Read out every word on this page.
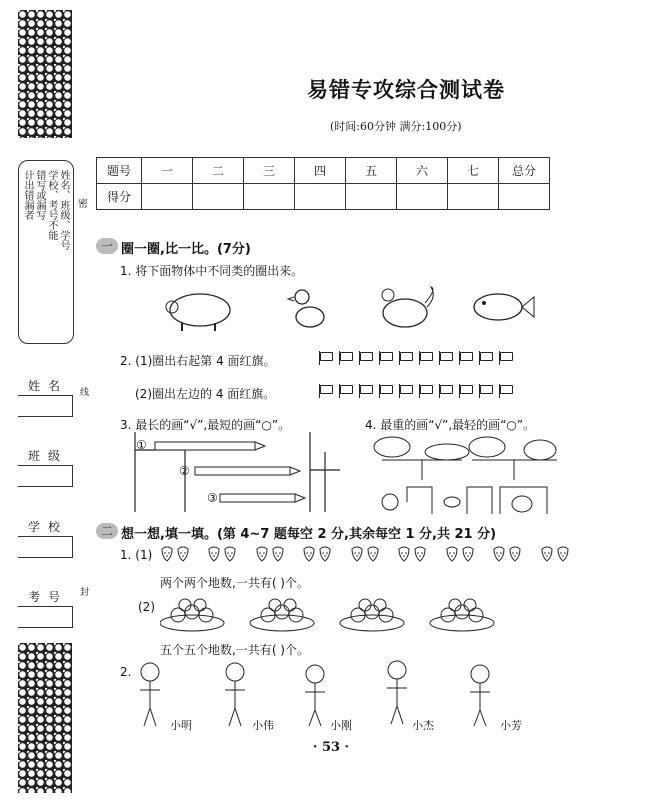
姓名、班级、学号
学校、考号不能
错写或漏写
计出错漏者	密
姓名 线
班级
学校
考号 封
易错专攻综合测试卷
(时间:60分钟 满分:100分)
题号	一	二	三	四	五	六	七	总分
得分								
一 圈一圈,比一比。(7分)
1. 将下面物体中不同类的圈出来。
2. (1)圈出右起第 4 面红旗。
(2)圈出左边的 4 面红旗。
3. 最长的画“√”,最短的画“○”。	4. 最重的画“√”,最轻的画“○”。
①
②
③
二 想一想,填一填。(第 4~7 题每空 2 分,其余每空 1 分,共 21 分)
1. (1)
两个两个地数,一共有( )个。
(2)
五个五个地数,一共有( )个。
2.
小明	小伟	小刚	小杰	小芳
· 53 ·
